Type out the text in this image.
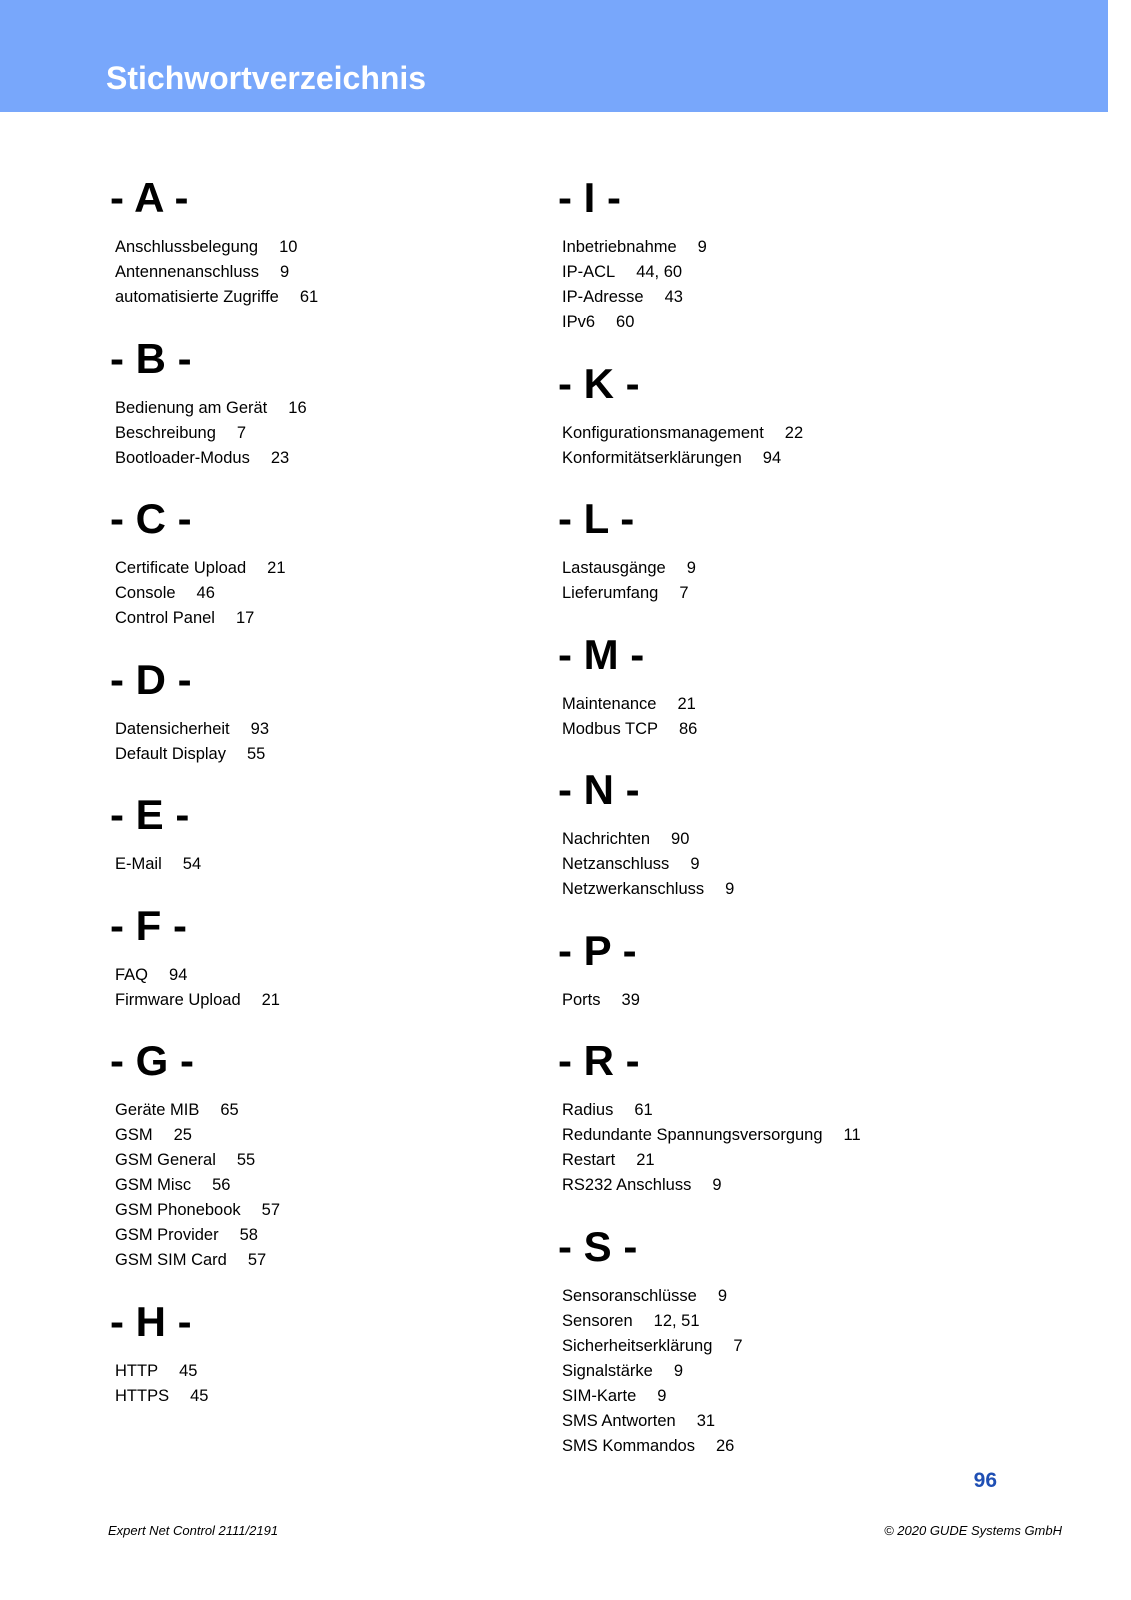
Stichwortverzeichnis
- A -
Anschlussbelegung 10
Antennenanschluss 9
automatisierte Zugriffe 61
- B -
Bedienung am Gerät 16
Beschreibung 7
Bootloader-Modus 23
- C -
Certificate Upload 21
Console 46
Control Panel 17
- D -
Datensicherheit 93
Default Display 55
- E -
E-Mail 54
- F -
FAQ 94
Firmware Upload 21
- G -
Geräte MIB 65
GSM 25
GSM General 55
GSM Misc 56
GSM Phonebook 57
GSM Provider 58
GSM SIM Card 57
- H -
HTTP 45
HTTPS 45
- I -
Inbetriebnahme 9
IP-ACL 44, 60
IP-Adresse 43
IPv6 60
- K -
Konfigurationsmanagement 22
Konformitätserklärungen 94
- L -
Lastausgänge 9
Lieferumfang 7
- M -
Maintenance 21
Modbus TCP 86
- N -
Nachrichten 90
Netzanschluss 9
Netzwerkanschluss 9
- P -
Ports 39
- R -
Radius 61
Redundante Spannungsversorgung 11
Restart 21
RS232 Anschluss 9
- S -
Sensoranschlüsse 9
Sensoren 12, 51
Sicherheitserklärung 7
Signalstärke 9
SIM-Karte 9
SMS Antworten 31
SMS Kommandos 26
96
Expert Net Control 2111/2191	© 2020 GUDE Systems GmbH
